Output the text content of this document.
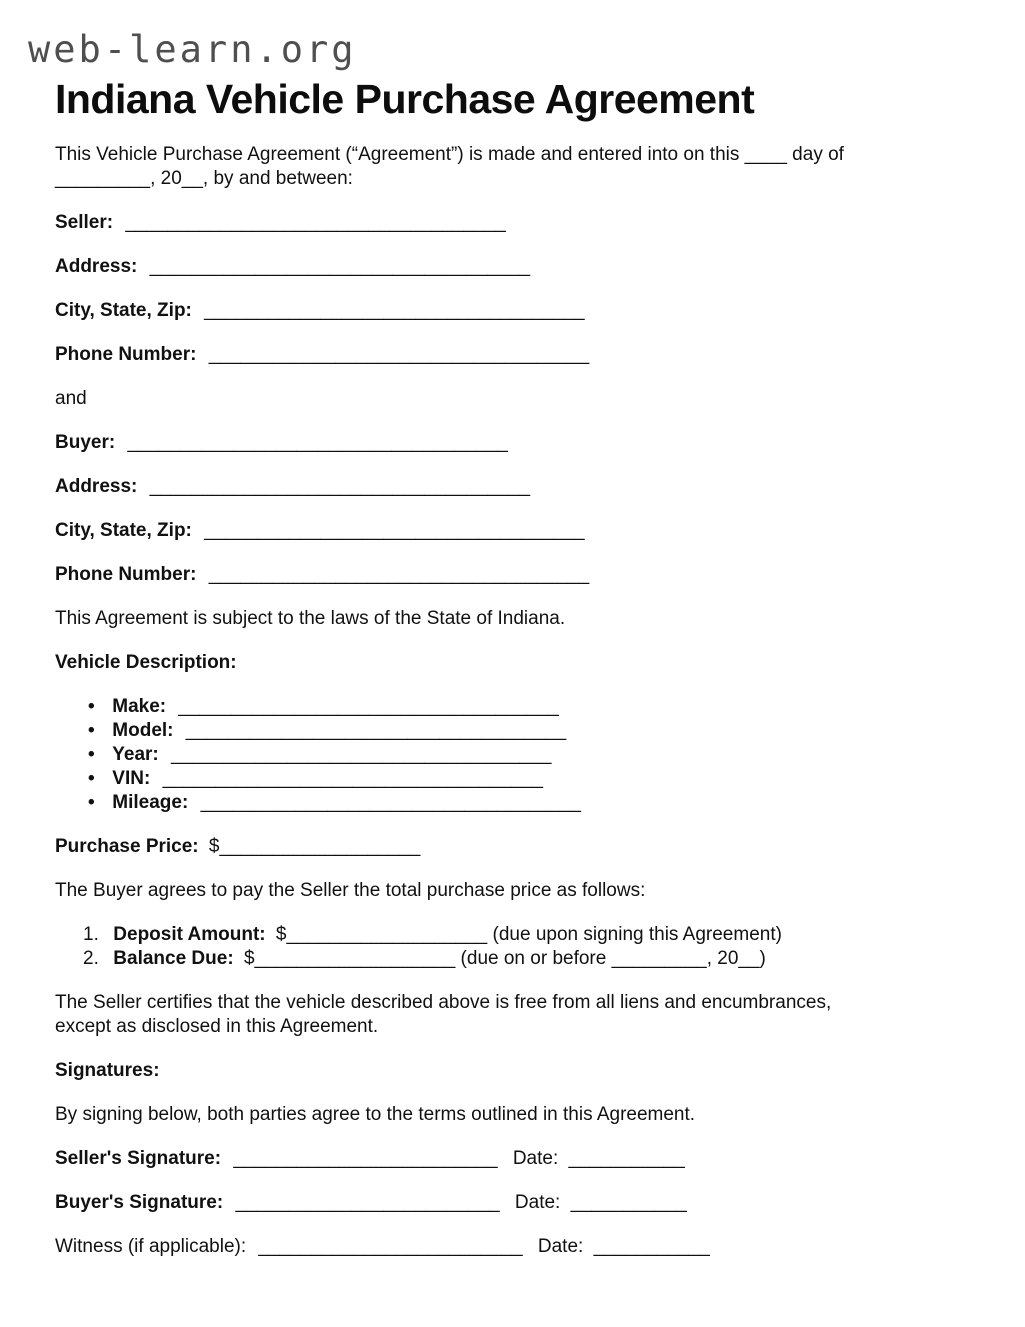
web-learn.org
Indiana Vehicle Purchase Agreement

This Vehicle Purchase Agreement (“Agreement”) is made and entered into on this ____ day of _________, 20__, by and between:

Seller: ____________________________________

Address: ____________________________________

City, State, Zip: ____________________________________

Phone Number: ____________________________________

and

Buyer: ____________________________________

Address: ____________________________________

City, State, Zip: ____________________________________

Phone Number: ____________________________________

This Agreement is subject to the laws of the State of Indiana.

Vehicle Description:

• Make: ____________________________________
• Model: ____________________________________
• Year: ____________________________________
• VIN: ____________________________________
• Mileage: ____________________________________

Purchase Price: $___________________

The Buyer agrees to pay the Seller the total purchase price as follows:

1. Deposit Amount: $___________________ (due upon signing this Agreement)

2. Balance Due: $___________________ (due on or before _________, 20__)

The Seller certifies that the vehicle described above is free from all liens and encumbrances, except as disclosed in this Agreement.

Signatures:

By signing below, both parties agree to the terms outlined in this Agreement.

Seller's Signature: _________________________ Date: ___________

Buyer's Signature: _________________________ Date: ___________

Witness (if applicable): _________________________ Date: ___________
